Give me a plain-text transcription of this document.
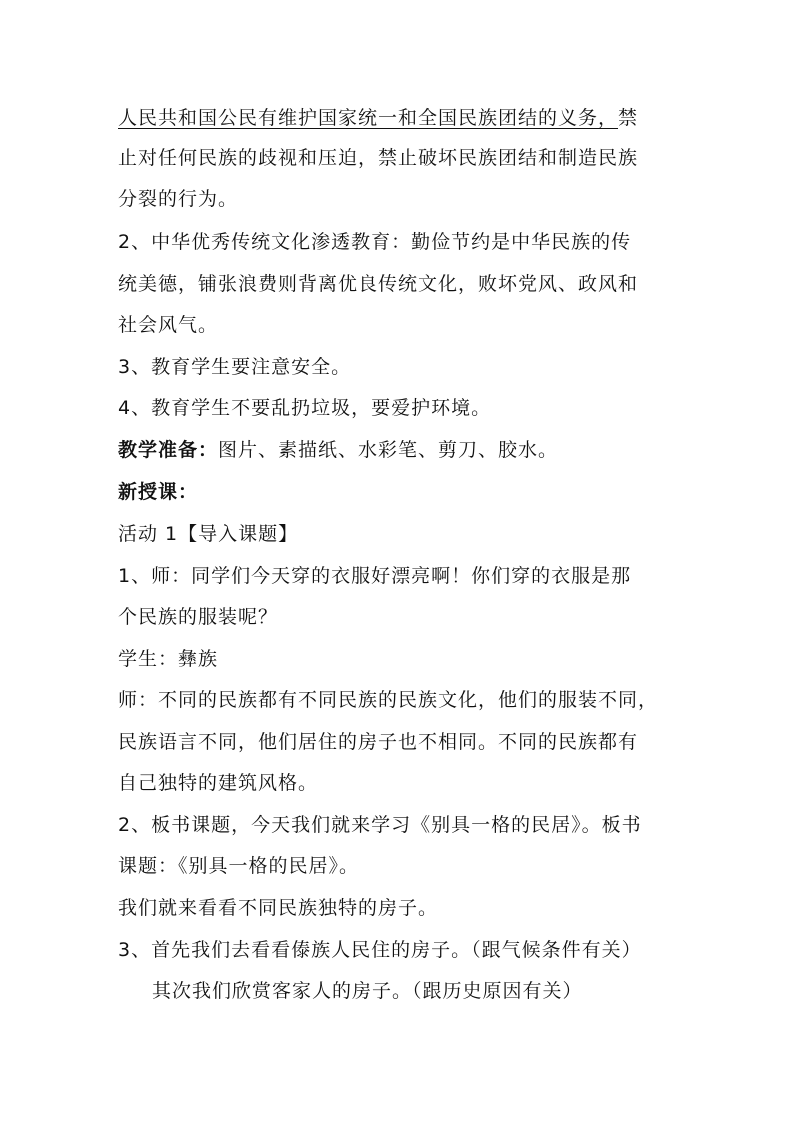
人民共和国公民有维护国家统一和全国民族团结的义务，禁
止对任何民族的歧视和压迫，禁止破坏民族团结和制造民族
分裂的行为。
2、中华优秀传统文化渗透教育：勤俭节约是中华民族的传
统美德，铺张浪费则背离优良传统文化，败坏党风、政风和
社会风气。
3、教育学生要注意安全。
4、教育学生不要乱扔垃圾，要爱护环境。
教学准备：图片、素描纸、水彩笔、剪刀、胶水。
新授课：
活动 1【导入课题】
1、师：同学们今天穿的衣服好漂亮啊！你们穿的衣服是那
个民族的服装呢？
学生：彝族
师：不同的民族都有不同民族的民族文化，他们的服装不同，
民族语言不同，他们居住的房子也不相同。不同的民族都有
自己独特的建筑风格。
2、板书课题，今天我们就来学习《别具一格的民居》。板书
课题：《别具一格的民居》。
我们就来看看不同民族独特的房子。
3、首先我们去看看傣族人民住的房子。（跟气候条件有关）
其次我们欣赏客家人的房子。（跟历史原因有关）
